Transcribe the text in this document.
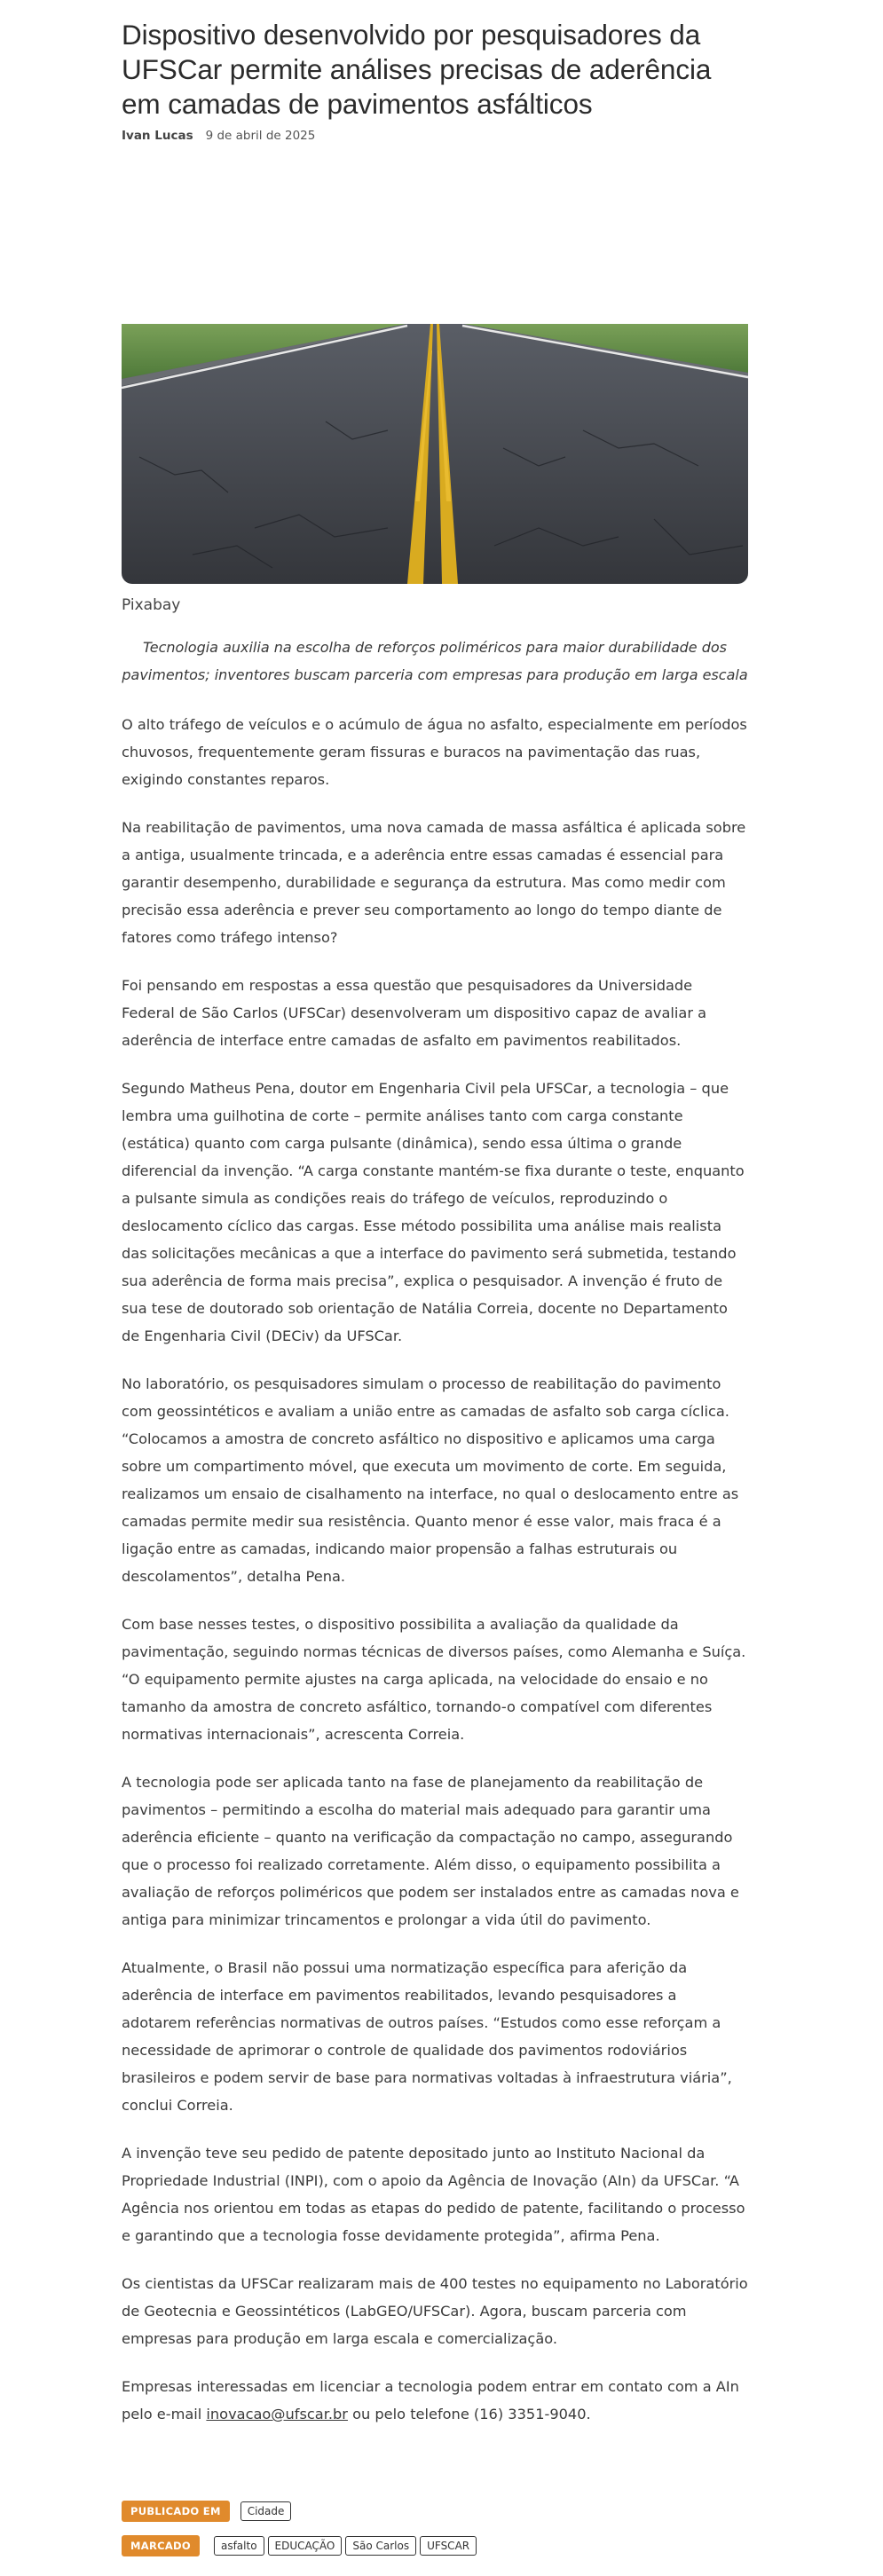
Dispositivo desenvolvido por pesquisadores da UFSCar permite análises precisas de aderência em camadas de pavimentos asfálticos
Ivan Lucas 9 de abril de 2025
Pixabay
Tecnologia auxilia na escolha de reforços poliméricos para maior durabilidade dos pavimentos; inventores buscam parceria com empresas para produção em larga escala

O alto tráfego de veículos e o acúmulo de água no asfalto, especialmente em períodos chuvosos, frequentemente geram fissuras e buracos na pavimentação das ruas, exigindo constantes reparos.

Na reabilitação de pavimentos, uma nova camada de massa asfáltica é aplicada sobre a antiga, usualmente trincada, e a aderência entre essas camadas é essencial para garantir desempenho, durabilidade e segurança da estrutura. Mas como medir com precisão essa aderência e prever seu comportamento ao longo do tempo diante de fatores como tráfego intenso?

Foi pensando em respostas a essa questão que pesquisadores da Universidade Federal de São Carlos (UFSCar) desenvolveram um dispositivo capaz de avaliar a aderência de interface entre camadas de asfalto em pavimentos reabilitados.

Segundo Matheus Pena, doutor em Engenharia Civil pela UFSCar, a tecnologia – que lembra uma guilhotina de corte – permite análises tanto com carga constante (estática) quanto com carga pulsante (dinâmica), sendo essa última o grande diferencial da invenção. “A carga constante mantém-se fixa durante o teste, enquanto a pulsante simula as condições reais do tráfego de veículos, reproduzindo o deslocamento cíclico das cargas. Esse método possibilita uma análise mais realista das solicitações mecânicas a que a interface do pavimento será submetida, testando sua aderência de forma mais precisa”, explica o pesquisador. A invenção é fruto de sua tese de doutorado sob orientação de Natália Correia, docente no Departamento de Engenharia Civil (DECiv) da UFSCar.

No laboratório, os pesquisadores simulam o processo de reabilitação do pavimento com geossintéticos e avaliam a união entre as camadas de asfalto sob carga cíclica. “Colocamos a amostra de concreto asfáltico no dispositivo e aplicamos uma carga sobre um compartimento móvel, que executa um movimento de corte. Em seguida, realizamos um ensaio de cisalhamento na interface, no qual o deslocamento entre as camadas permite medir sua resistência. Quanto menor é esse valor, mais fraca é a ligação entre as camadas, indicando maior propensão a falhas estruturais ou descolamentos”, detalha Pena.

Com base nesses testes, o dispositivo possibilita a avaliação da qualidade da pavimentação, seguindo normas técnicas de diversos países, como Alemanha e Suíça. “O equipamento permite ajustes na carga aplicada, na velocidade do ensaio e no tamanho da amostra de concreto asfáltico, tornando-o compatível com diferentes normativas internacionais”, acrescenta Correia.

A tecnologia pode ser aplicada tanto na fase de planejamento da reabilitação de pavimentos – permitindo a escolha do material mais adequado para garantir uma aderência eficiente – quanto na verificação da compactação no campo, assegurando que o processo foi realizado corretamente. Além disso, o equipamento possibilita a avaliação de reforços poliméricos que podem ser instalados entre as camadas nova e antiga para minimizar trincamentos e prolongar a vida útil do pavimento.

Atualmente, o Brasil não possui uma normatização específica para aferição da aderência de interface em pavimentos reabilitados, levando pesquisadores a adotarem referências normativas de outros países. “Estudos como esse reforçam a necessidade de aprimorar o controle de qualidade dos pavimentos rodoviários brasileiros e podem servir de base para normativas voltadas à infraestrutura viária”, conclui Correia.

A invenção teve seu pedido de patente depositado junto ao Instituto Nacional da Propriedade Industrial (INPI), com o apoio da Agência de Inovação (AIn) da UFSCar. “A Agência nos orientou em todas as etapas do pedido de patente, facilitando o processo e garantindo que a tecnologia fosse devidamente protegida”, afirma Pena.

Os cientistas da UFSCar realizaram mais de 400 testes no equipamento no Laboratório de Geotecnia e Geossintéticos (LabGEO/UFSCar). Agora, buscam parceria com empresas para produção em larga escala e comercialização.

Empresas interessadas em licenciar a tecnologia podem entrar em contato com a AIn pelo e-mail inovacao@ufscar.br ou pelo telefone (16) 3351-9040.

PUBLICADO EM	Cidade
MARCADO	asfalto	EDUCAÇÃO	São Carlos	UFSCAR
